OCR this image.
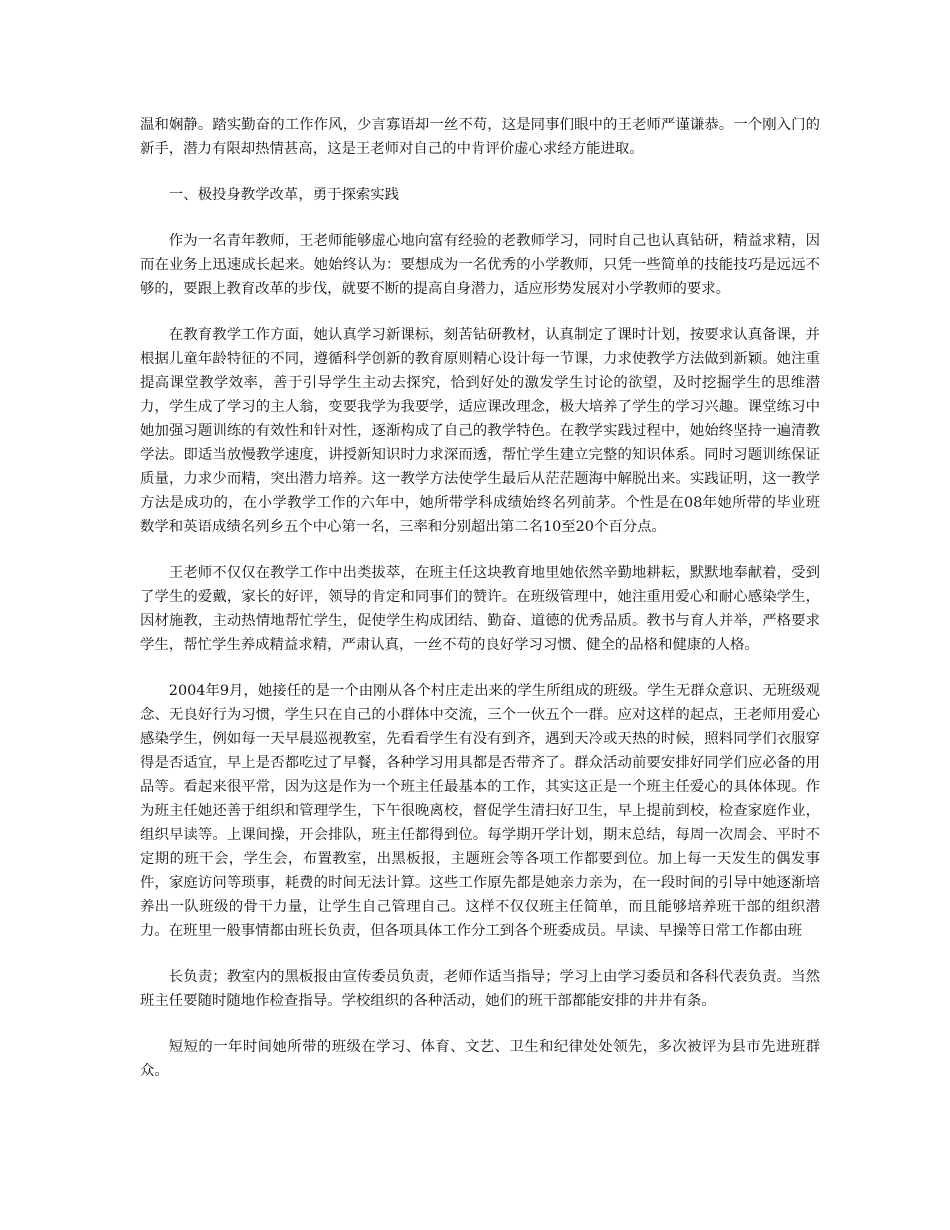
温和娴静。踏实勤奋的工作作风，少言寡语却一丝不苟，这是同事们眼中的王老师严谨谦恭。一个刚入门的新手，潜力有限却热情甚高，这是王老师对自己的中肯评价虚心求经方能进取。

一、极投身教学改革，勇于探索实践

作为一名青年教师，王老师能够虚心地向富有经验的老教师学习，同时自己也认真钻研，精益求精，因而在业务上迅速成长起来。她始终认为：要想成为一名优秀的小学教师，只凭一些简单的技能技巧是远远不够的，要跟上教育改革的步伐，就要不断的提高自身潜力，适应形势发展对小学教师的要求。

在教育教学工作方面，她认真学习新课标，刻苦钻研教材，认真制定了课时计划，按要求认真备课，并根据儿童年龄特征的不同，遵循科学创新的教育原则精心设计每一节课，力求使教学方法做到新颖。她注重提高课堂教学效率，善于引导学生主动去探究，恰到好处的激发学生讨论的欲望，及时挖掘学生的思维潜力，学生成了学习的主人翁，变要我学为我要学，适应课改理念，极大培养了学生的学习兴趣。课堂练习中她加强习题训练的有效性和针对性，逐渐构成了自己的教学特色。在教学实践过程中，她始终坚持一遍清教学法。即适当放慢教学速度，讲授新知识时力求深而透，帮忙学生建立完整的知识体系。同时习题训练保证质量，力求少而精，突出潜力培养。这一教学方法使学生最后从茫茫题海中解脱出来。实践证明，这一教学方法是成功的，在小学教学工作的六年中，她所带学科成绩始终名列前茅。个性是在08年她所带的毕业班数学和英语成绩名列乡五个中心第一名，三率和分别超出第二名10至20个百分点。

王老师不仅仅在教学工作中出类拔萃，在班主任这块教育地里她依然辛勤地耕耘，默默地奉献着，受到了学生的爱戴，家长的好评，领导的肯定和同事们的赞许。在班级管理中，她注重用爱心和耐心感染学生，因材施教，主动热情地帮忙学生，促使学生构成团结、勤奋、道德的优秀品质。教书与育人并举，严格要求学生，帮忙学生养成精益求精，严肃认真，一丝不苟的良好学习习惯、健全的品格和健康的人格。

2004年9月，她接任的是一个由刚从各个村庄走出来的学生所组成的班级。学生无群众意识、无班级观念、无良好行为习惯，学生只在自己的小群体中交流，三个一伙五个一群。应对这样的起点，王老师用爱心感染学生，例如每一天早晨巡视教室，先看看学生有没有到齐，遇到天冷或天热的时候，照料同学们衣服穿得是否适宜，早上是否都吃过了早餐，各种学习用具都是否带齐了。群众活动前要安排好同学们应必备的用品等。看起来很平常，因为这是作为一个班主任最基本的工作，其实这正是一个班主任爱心的具体体现。作为班主任她还善于组织和管理学生，下午很晚离校，督促学生清扫好卫生，早上提前到校，检查家庭作业，组织早读等。上课间操，开会排队，班主任都得到位。每学期开学计划，期末总结，每周一次周会、平时不定期的班干会，学生会，布置教室，出黑板报，主题班会等各项工作都要到位。加上每一天发生的偶发事件，家庭访问等琐事，耗费的时间无法计算。这些工作原先都是她亲力亲为，在一段时间的引导中她逐渐培养出一队班级的骨干力量，让学生自己管理自己。这样不仅仅班主任简单，而且能够培养班干部的组织潜力。在班里一般事情都由班长负责，但各项具体工作分工到各个班委成员。早读、早操等日常工作都由班

长负责；教室内的黑板报由宣传委员负责，老师作适当指导；学习上由学习委员和各科代表负责。当然班主任要随时随地作检查指导。学校组织的各种活动，她们的班干部都能安排的井井有条。

短短的一年时间她所带的班级在学习、体育、文艺、卫生和纪律处处领先，多次被评为县市先进班群众。
